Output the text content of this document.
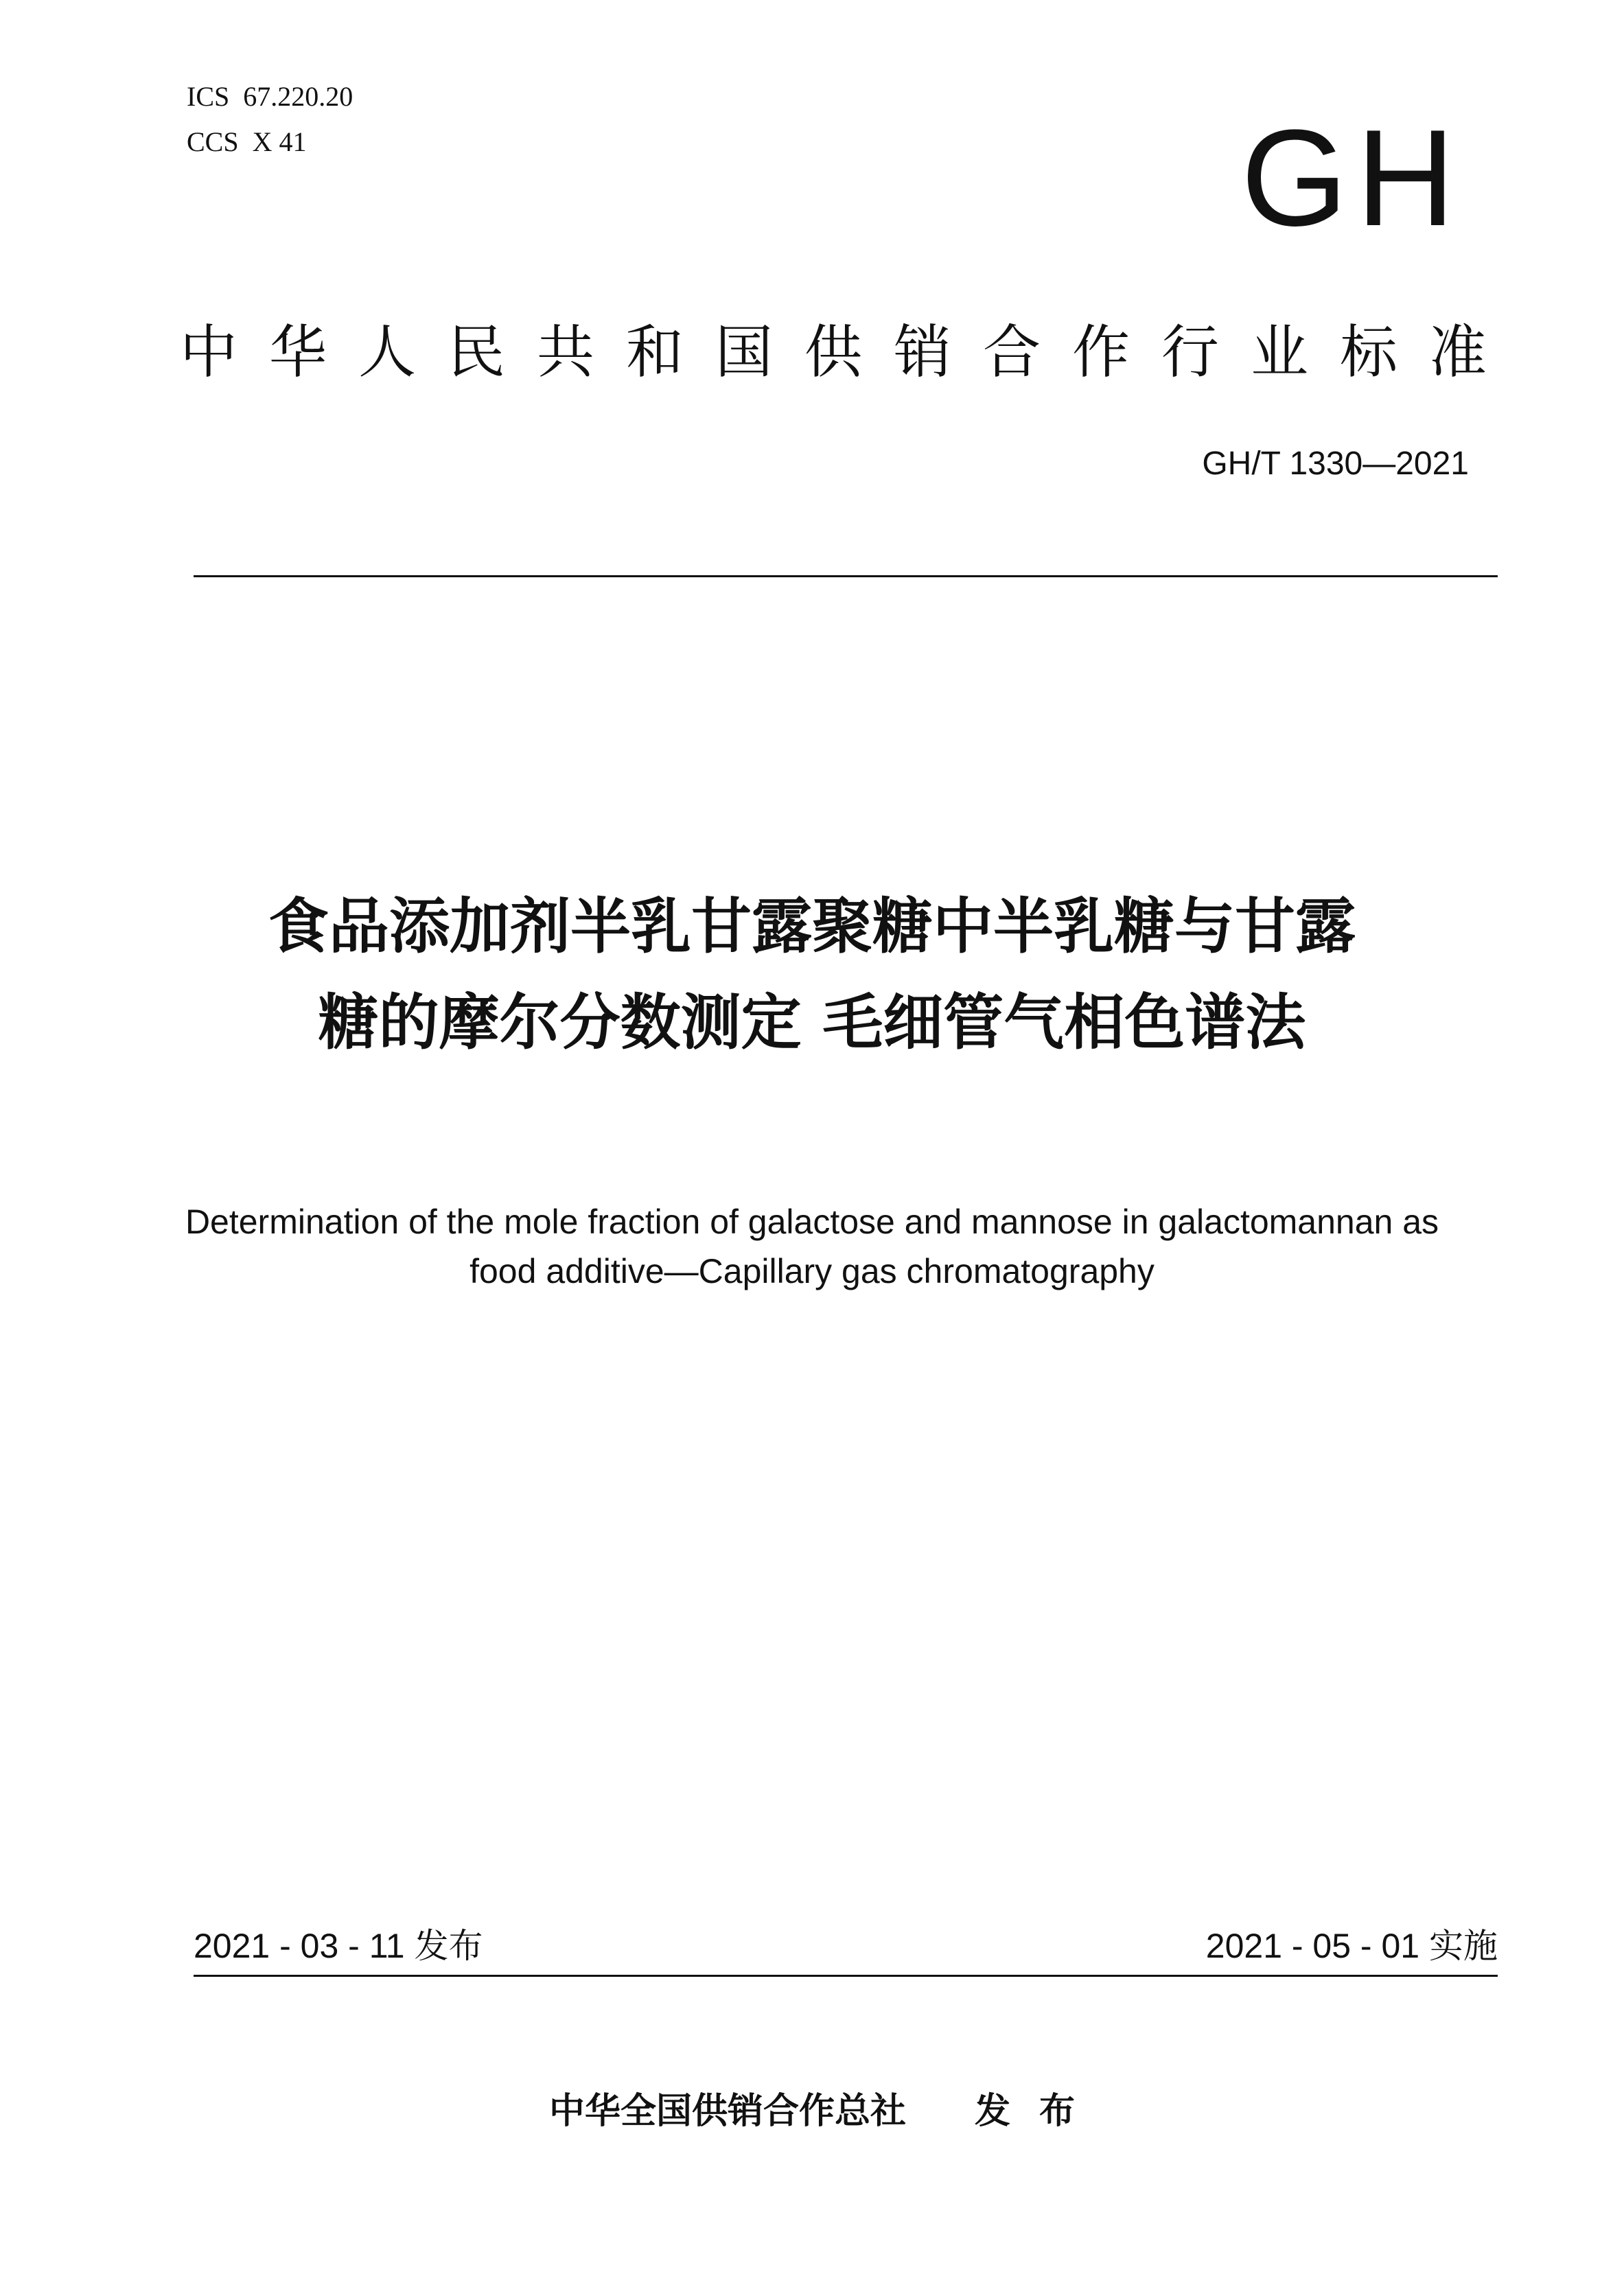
ICS  67.220.20
CCS  X 41	GH
中华人民共和国供销合作行业标准
GH/T 1330—2021
食品添加剂半乳甘露聚糖中半乳糖与甘露
糖的摩尔分数测定 毛细管气相色谱法
Determination of the mole fraction of galactose and mannose in galactomannan as
food additive—Capillary gas chromatography
2021 - 03 - 11 发布	2021 - 05 - 01 实施
中华全国供销合作总社 发布
